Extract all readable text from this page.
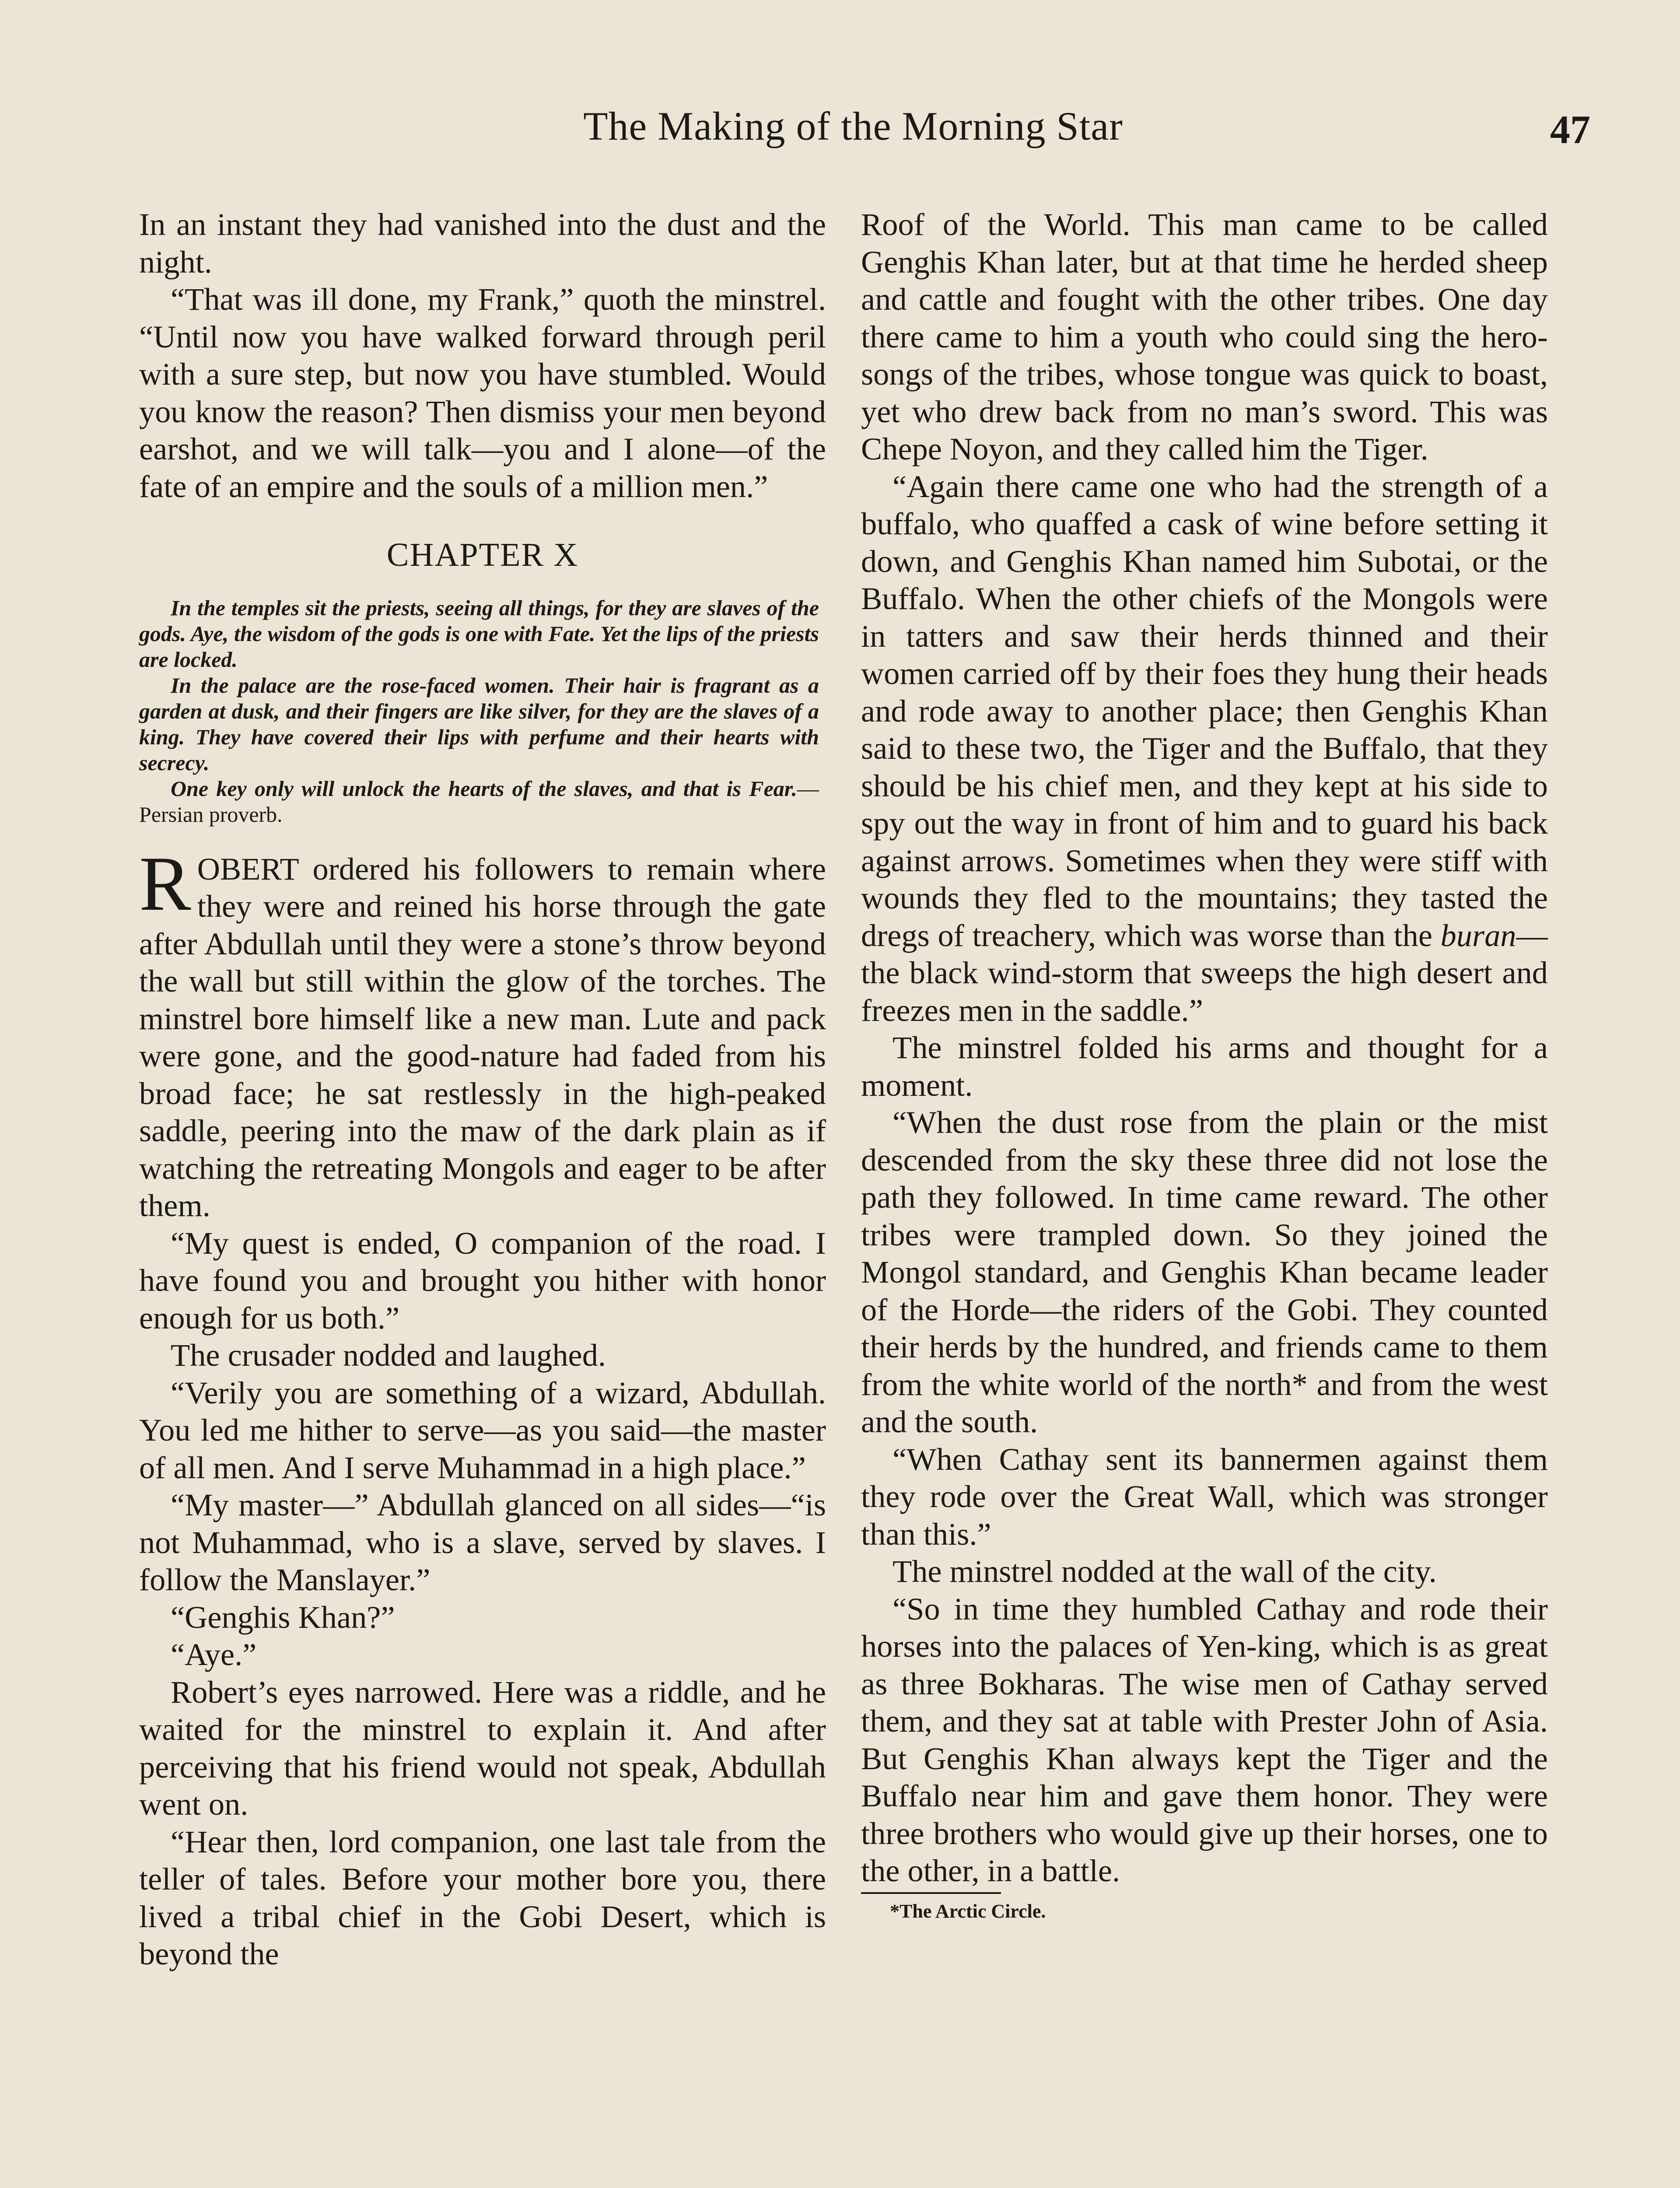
The Making of the Morning Star	47

In an instant they had vanished into the dust and the night.

“That was ill done, my Frank,” quoth the minstrel. “Until now you have walked forward through peril with a sure step, but now you have stumbled. Would you know the reason? Then dismiss your men beyond earshot, and we will talk—you and I alone—of the fate of an empire and the souls of a million men.”

CHAPTER X

In the temples sit the priests, seeing all things, for they are slaves of the gods. Aye, the wisdom of the gods is one with Fate. Yet the lips of the priests are locked.

In the palace are the rose-faced women. Their hair is fragrant as a garden at dusk, and their fingers are like silver, for they are the slaves of a king. They have covered their lips with perfume and their hearts with secrecy.

One key only will unlock the hearts of the slaves, and that is Fear.—Persian proverb.

ROBERT ordered his followers to remain where they were and reined his horse through the gate after Abdullah until they were a stone’s throw beyond the wall but still within the glow of the torches. The minstrel bore himself like a new man. Lute and pack were gone, and the good-nature had faded from his broad face; he sat restlessly in the high-peaked saddle, peering into the maw of the dark plain as if watching the retreating Mongols and eager to be after them.

“My quest is ended, O companion of the road. I have found you and brought you hither with honor enough for us both.”

The crusader nodded and laughed.

“Verily you are something of a wizard, Abdullah. You led me hither to serve—as you said—the master of all men. And I serve Muhammad in a high place.”

“My master—” Abdullah glanced on all sides—“is not Muhammad, who is a slave, served by slaves. I follow the Manslayer.”

“Genghis Khan?”

“Aye.”

Robert’s eyes narrowed. Here was a riddle, and he waited for the minstrel to explain it. And after perceiving that his friend would not speak, Abdullah went on.

“Hear then, lord companion, one last tale from the teller of tales. Before your mother bore you, there lived a tribal chief in the Gobi Desert, which is beyond the

Roof of the World. This man came to be called Genghis Khan later, but at that time he herded sheep and cattle and fought with the other tribes. One day there came to him a youth who could sing the hero-songs of the tribes, whose tongue was quick to boast, yet who drew back from no man’s sword. This was Chepe Noyon, and they called him the Tiger.

“Again there came one who had the strength of a buffalo, who quaffed a cask of wine before setting it down, and Genghis Khan named him Subotai, or the Buffalo. When the other chiefs of the Mongols were in tatters and saw their herds thinned and their women carried off by their foes they hung their heads and rode away to another place; then Genghis Khan said to these two, the Tiger and the Buffalo, that they should be his chief men, and they kept at his side to spy out the way in front of him and to guard his back against arrows. Sometimes when they were stiff with wounds they fled to the mountains; they tasted the dregs of treachery, which was worse than the buran—the black wind-storm that sweeps the high desert and freezes men in the saddle.”

The minstrel folded his arms and thought for a moment.

“When the dust rose from the plain or the mist descended from the sky these three did not lose the path they followed. In time came reward. The other tribes were trampled down. So they joined the Mongol standard, and Genghis Khan became leader of the Horde—the riders of the Gobi. They counted their herds by the hundred, and friends came to them from the white world of the north* and from the west and the south.

“When Cathay sent its bannermen against them they rode over the Great Wall, which was stronger than this.”

The minstrel nodded at the wall of the city.

“So in time they humbled Cathay and rode their horses into the palaces of Yen-king, which is as great as three Bokharas. The wise men of Cathay served them, and they sat at table with Prester John of Asia. But Genghis Khan always kept the Tiger and the Buffalo near him and gave them honor. They were three brothers who would give up their horses, one to the other, in a battle.

*The Arctic Circle.
